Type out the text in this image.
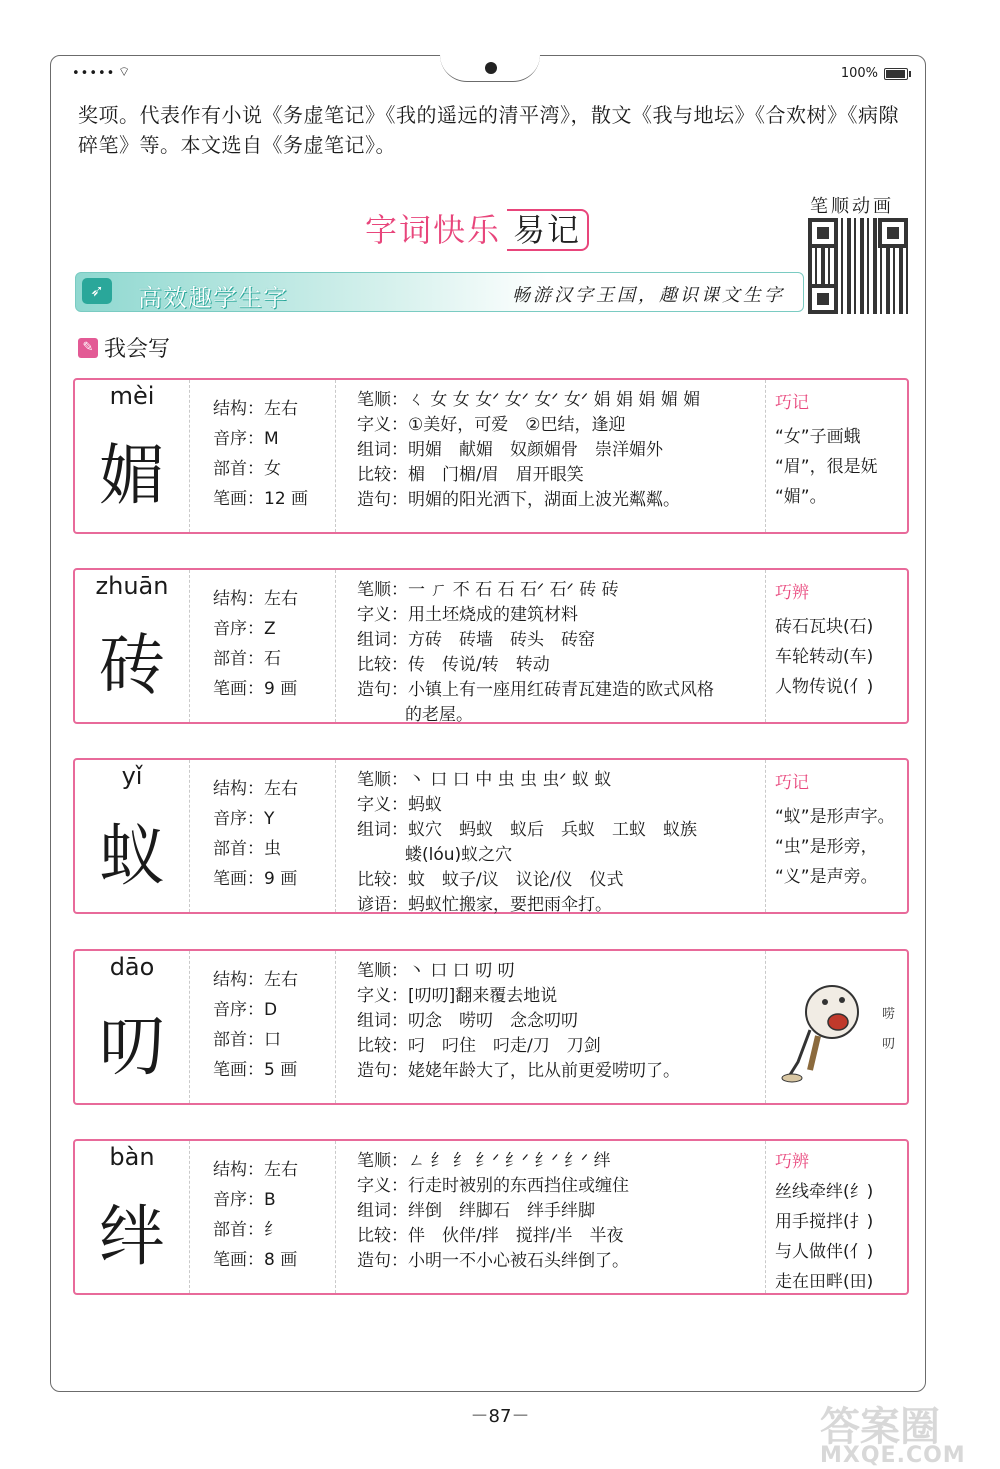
••••• ⌔	100%
奖项。代表作有小说《务虚笔记》《我的遥远的清平湾》，散文《我与地坛》《合欢树》《病隙碎笔》等。本文选自《务虚笔记》。
字词快乐 易记
笔顺动画
➶	高效趣学生字	畅游汉字王国，趣识课文生字
✎ 我会写
mèi
媚
结构：左右
音序：M
部首：女
笔画：12 画
笔顺：ㄑ 女 女 女ᐟ 女ᐟ 女ᐟ 女ᐟ 娟 娟 娟 媚 媚
字义：①美好，可爱　②巴结，逢迎
组词：明媚　献媚　奴颜媚骨　崇洋媚外
比较：楣　门楣/眉　眉开眼笑
造句：明媚的阳光洒下，湖面上波光粼粼。
巧记
“女”子画蛾
“眉”，很是妩
“媚”。
zhuān
砖
结构：左右
音序：Z
部首：石
笔画：9 画
笔顺：一 ㄏ 不 石 石 石ᐟ 石ᐟ 砖 砖
字义：用土坯烧成的建筑材料
组词：方砖　砖墙　砖头　砖窑
比较：传　传说/转　转动
造句：小镇上有一座用红砖青瓦建造的欧式风格
的老屋。
巧辨
砖石瓦块(石)
车轮转动(车)
人物传说(亻)
yǐ
蚁
结构：左右
音序：Y
部首：虫
笔画：9 画
笔顺：丶 口 口 中 虫 虫 虫ᐟ 蚁 蚁
字义：蚂蚁
组词：蚁穴　蚂蚁　蚁后　兵蚁　工蚁　蚁族
蝼(lóu)蚁之穴
比较：蚊　蚊子/议　议论/仪　仪式
谚语：蚂蚁忙搬家，要把雨伞打。
巧记
“蚁”是形声字。
“虫”是形旁，
“义”是声旁。
dāo
叨
结构：左右
音序：D
部首：口
笔画：5 画
笔顺：丶 口 口 叨 叨
字义：[叨叨]翻来覆去地说
组词：叨念　唠叨　念念叨叨
比较：叼　叼住　叼走/刀　刀剑
造句：姥姥年龄大了，比从前更爱唠叨了。
唠
叨
bàn
绊
结构：左右
音序：B
部首：纟
笔画：8 画
笔顺：ㄥ 纟 纟 纟ᐟ 纟ᐟ 纟ᐟ 纟ᐟ 绊
字义：行走时被别的东西挡住或缠住
组词：绊倒　绊脚石　绊手绊脚
比较：伴　伙伴/拌　搅拌/半　半夜
造句：小明一不小心被石头绊倒了。
巧辨
丝线牵绊(纟)
用手搅拌(扌)
与人做伴(亻)
走在田畔(田)
－87－	答案圈
MXQE.COM
